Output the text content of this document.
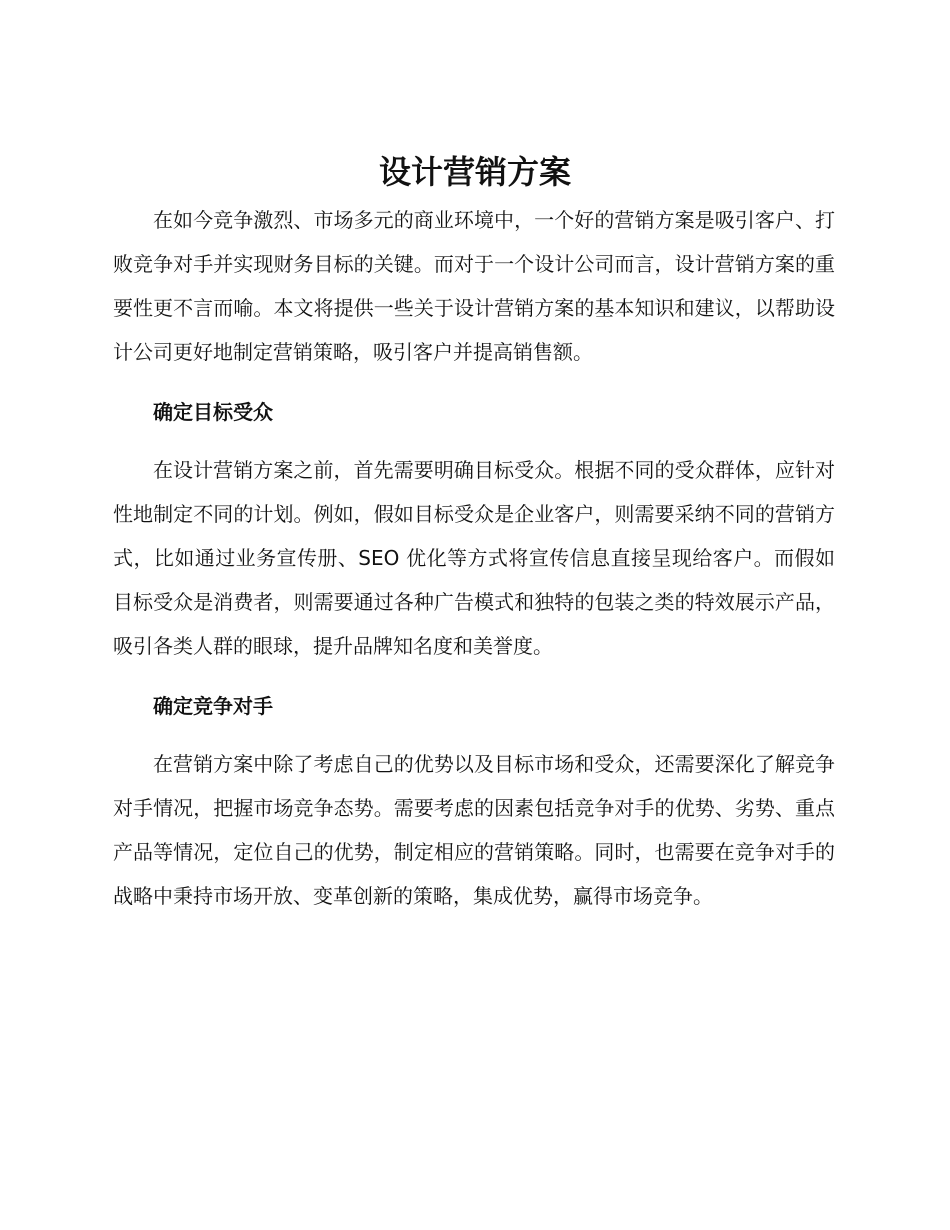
设计营销方案

在如今竞争激烈、市场多元的商业环境中，一个好的营销方案是吸引客户、打败竞争对手并实现财务目标的关键。而对于一个设计公司而言，设计营销方案的重要性更不言而喻。本文将提供一些关于设计营销方案的基本知识和建议，以帮助设计公司更好地制定营销策略，吸引客户并提高销售额。

确定目标受众

在设计营销方案之前，首先需要明确目标受众。根据不同的受众群体，应针对性地制定不同的计划。例如，假如目标受众是企业客户，则需要采纳不同的营销方式，比如通过业务宣传册、SEO 优化等方式将宣传信息直接呈现给客户。而假如目标受众是消费者，则需要通过各种广告模式和独特的包装之类的特效展示产品，吸引各类人群的眼球，提升品牌知名度和美誉度。

确定竞争对手

在营销方案中除了考虑自己的优势以及目标市场和受众，还需要深化了解竞争对手情况，把握市场竞争态势。需要考虑的因素包括竞争对手的优势、劣势、重点产品等情况，定位自己的优势，制定相应的营销策略。同时，也需要在竞争对手的战略中秉持市场开放、变革创新的策略，集成优势，赢得市场竞争。
